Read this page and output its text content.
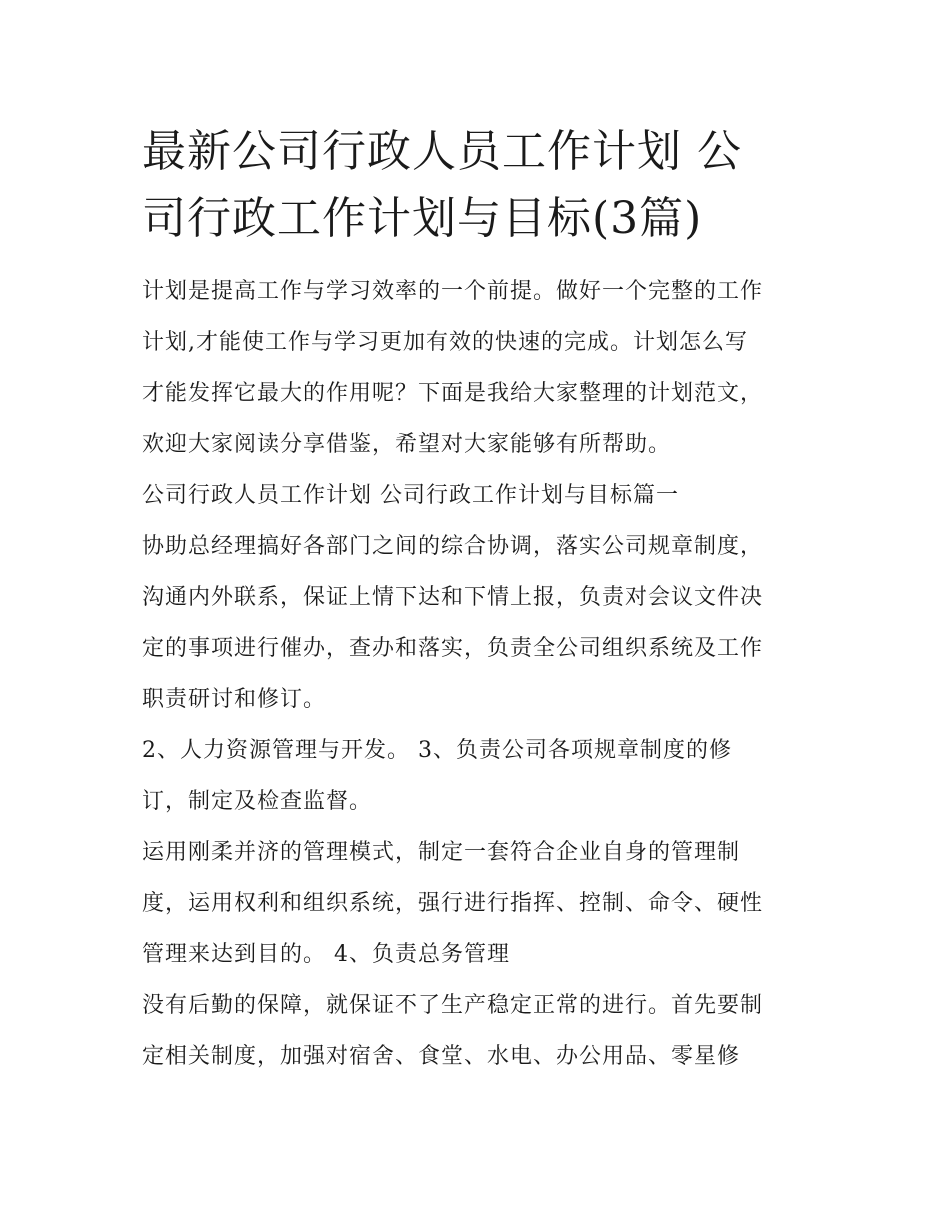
最新公司行政人员工作计划 公
司行政工作计划与目标(3篇)

计划是提高工作与学习效率的一个前提。做好一个完整的工作
计划,才能使工作与学习更加有效的快速的完成。计划怎么写
才能发挥它最大的作用呢？下面是我给大家整理的计划范文，
欢迎大家阅读分享借鉴，希望对大家能够有所帮助。

公司行政人员工作计划 公司行政工作计划与目标篇一

协助总经理搞好各部门之间的综合协调，落实公司规章制度，
沟通内外联系，保证上情下达和下情上报，负责对会议文件决
定的事项进行催办，查办和落实，负责全公司组织系统及工作
职责研讨和修订。

2、人力资源管理与开发。 3、负责公司各项规章制度的修
订，制定及检查监督。

运用刚柔并济的管理模式，制定一套符合企业自身的管理制
度，运用权利和组织系统，强行进行指挥、控制、命令、硬性
管理来达到目的。 4、负责总务管理

没有后勤的保障，就保证不了生产稳定正常的进行。首先要制
定相关制度，加强对宿舍、食堂、水电、办公用品、零星修
